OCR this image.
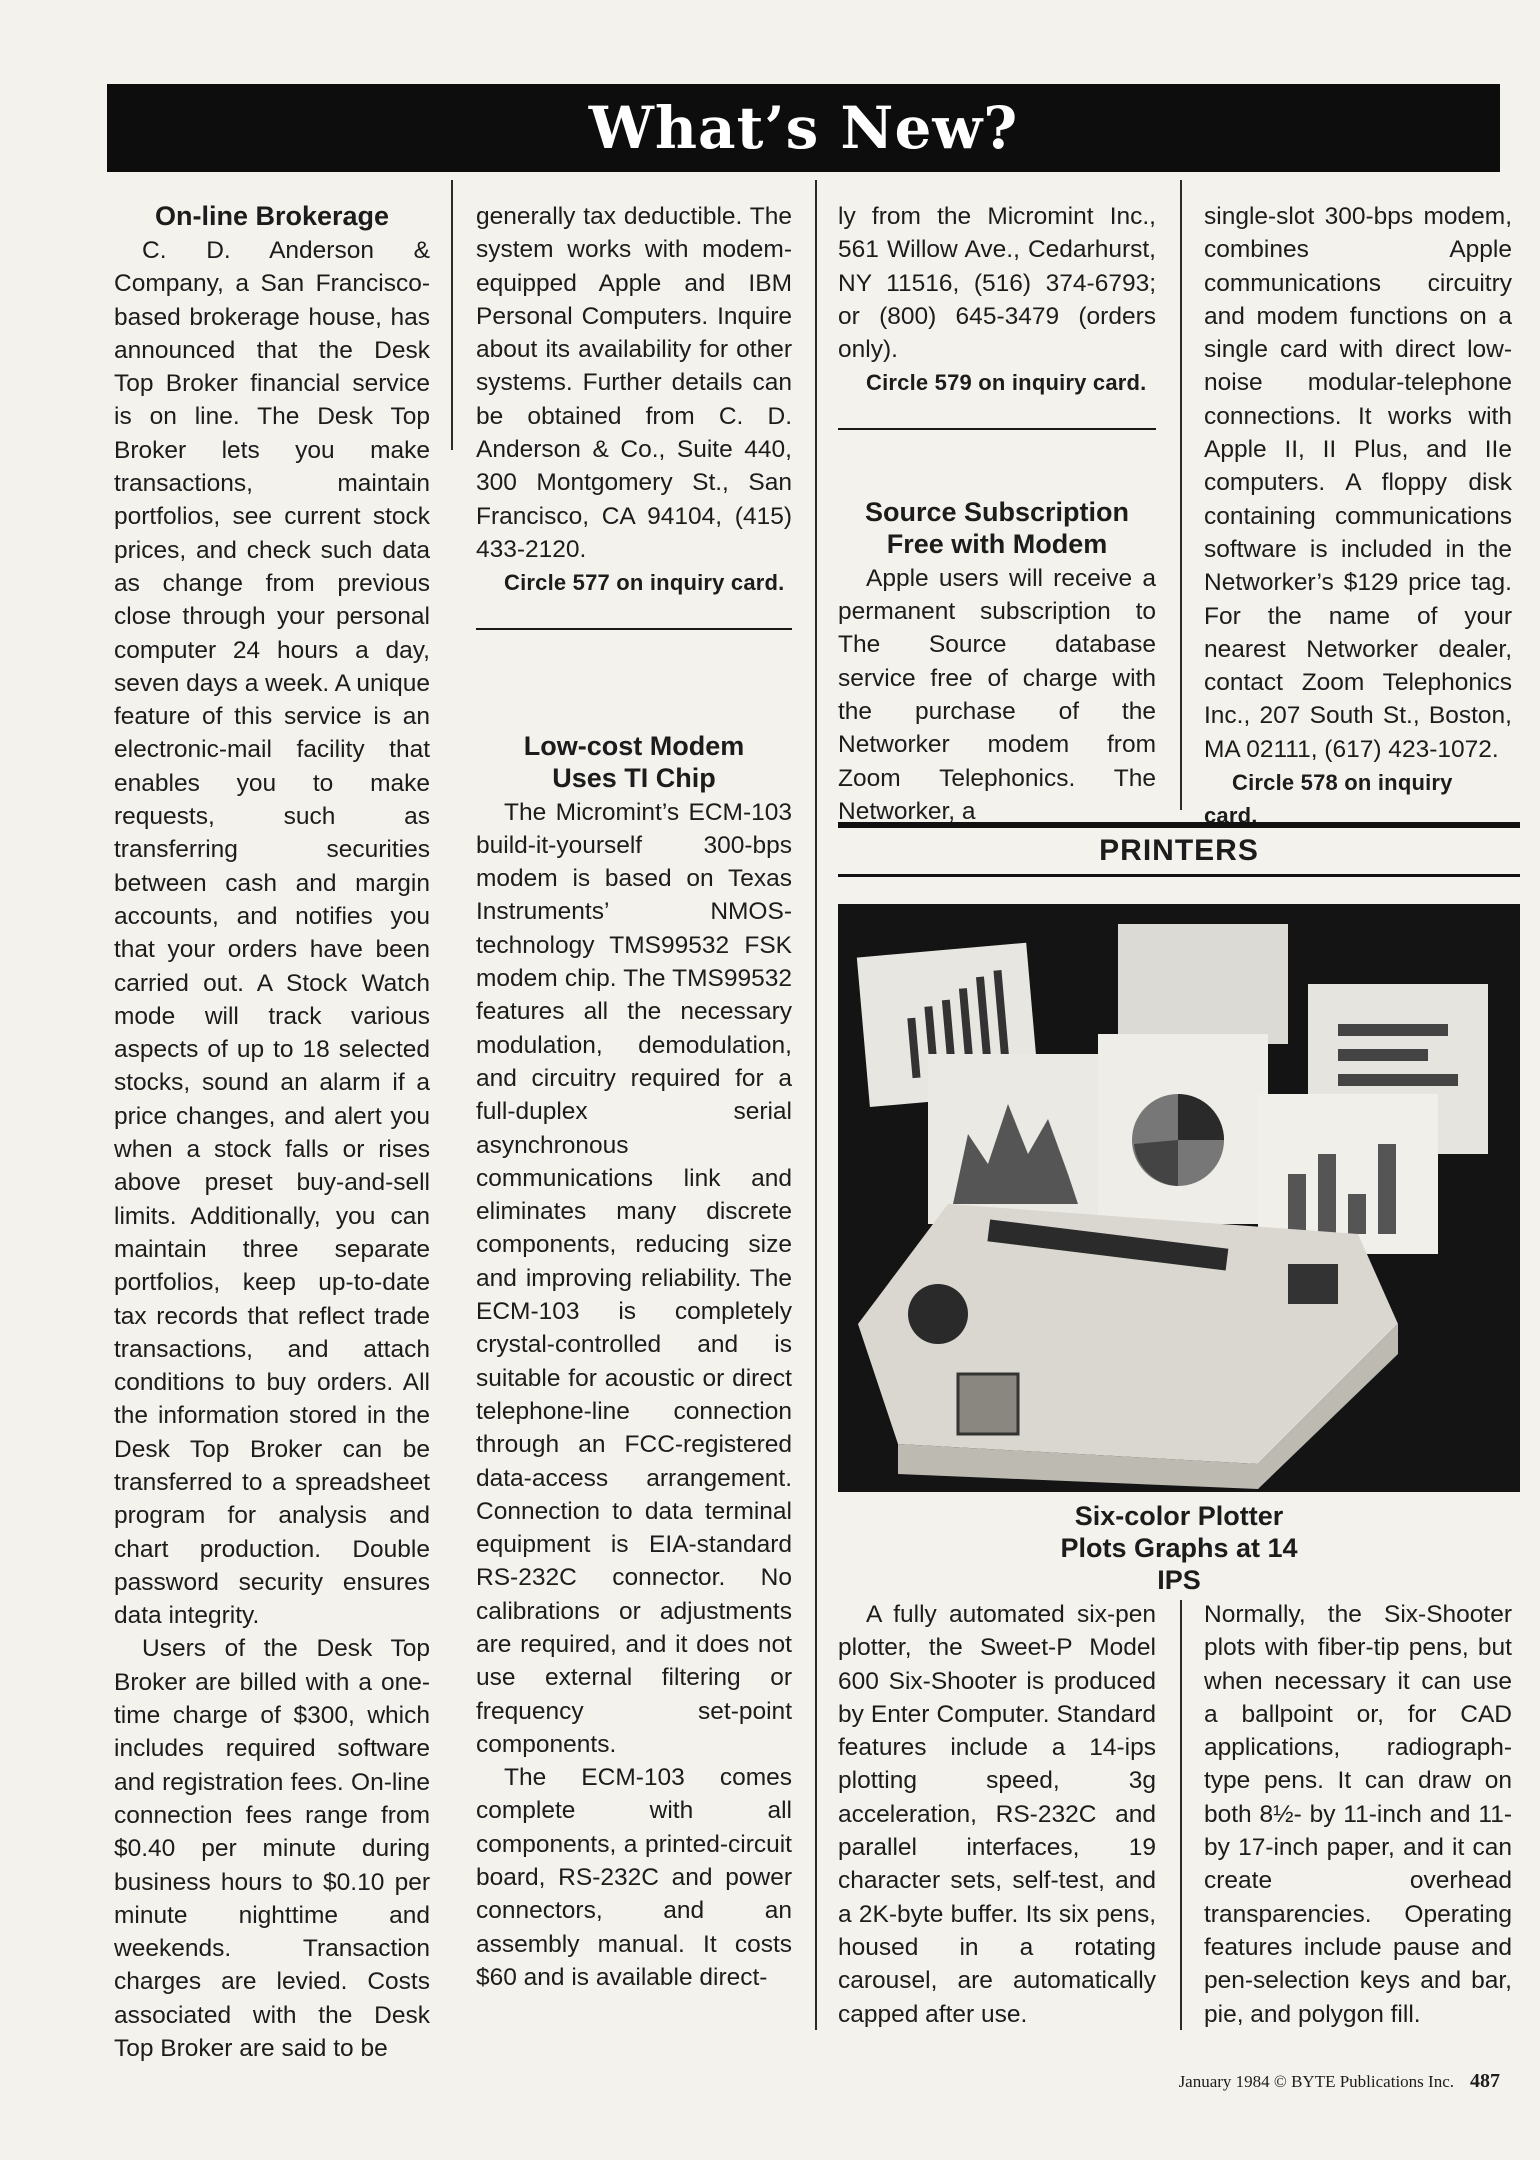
What’s New?
On-line Brokerage

C. D. Anderson & Company, a San Francisco-based brokerage house, has announced that the Desk Top Broker financial service is on line. The Desk Top Broker lets you make transactions, maintain portfolios, see current stock prices, and check such data as change from previous close through your personal computer 24 hours a day, seven days a week. A unique feature of this service is an electronic-mail facility that enables you to make requests, such as transferring securities between cash and margin accounts, and notifies you that your orders have been carried out. A Stock Watch mode will track various aspects of up to 18 selected stocks, sound an alarm if a price changes, and alert you when a stock falls or rises above preset buy-and-sell limits. Additionally, you can maintain three separate portfolios, keep up-to-date tax records that reflect trade transactions, and attach conditions to buy orders. All the information stored in the Desk Top Broker can be transferred to a spreadsheet program for analysis and chart production. Double password security ensures data integrity.

Users of the Desk Top Broker are billed with a one-time charge of $300, which includes required software and registration fees. On-line connection fees range from $0.40 per minute during business hours to $0.10 per minute nighttime and weekends. Transaction charges are levied. Costs associated with the Desk Top Broker are said to be

generally tax deductible. The system works with modem-equipped Apple and IBM Personal Computers. Inquire about its availability for other systems. Further details can be obtained from C. D. Anderson & Co., Suite 440, 300 Montgomery St., San Francisco, CA 94104, (415) 433-2120.

Circle 577 on inquiry card.

Low-cost Modem
Uses TI Chip

The Micromint’s ECM-103 build-it-yourself 300-bps modem is based on Texas Instruments’ NMOS-technology TMS99532 FSK modem chip. The TMS99532 features all the necessary modulation, demodulation, and circuitry required for a full-duplex serial asynchronous communications link and eliminates many discrete components, reducing size and improving reliability. The ECM-103 is completely crystal-controlled and is suitable for acoustic or direct telephone-line connection through an FCC-registered data-access arrangement. Connection to data terminal equipment is EIA-standard RS-232C connector. No calibrations or adjustments are required, and it does not use external filtering or frequency set-point components.

The ECM-103 comes complete with all components, a printed-circuit board, RS-232C and power connectors, and an assembly manual. It costs $60 and is available direct-

ly from the Micromint Inc., 561 Willow Ave., Cedarhurst, NY 11516, (516) 374-6793; or (800) 645-3479 (orders only).

Circle 579 on inquiry card.

Source Subscription
Free with Modem

Apple users will receive a permanent subscription to The Source database service free of charge with the purchase of the Networker modem from Zoom Telephonics. The Networker, a

single-slot 300-bps modem, combines Apple communications circuitry and modem functions on a single card with direct low-noise modular-telephone connections. It works with Apple II, II Plus, and IIe computers. A floppy disk containing communications software is included in the Networker’s $129 price tag. For the name of your nearest Networker dealer, contact Zoom Telephonics Inc., 207 South St., Boston, MA 02111, (617) 423-1072.

Circle 578 on inquiry card.

PRINTERS
Six-color Plotter
Plots Graphs at 14
IPS

A fully automated six-pen plotter, the Sweet-P Model 600 Six-Shooter is produced by Enter Computer. Standard features include a 14-ips plotting speed, 3g acceleration, RS-232C and parallel interfaces, 19 character sets, self-test, and a 2K-byte buffer. Its six pens, housed in a rotating carousel, are automatically capped after use.

Normally, the Six-Shooter plots with fiber-tip pens, but when necessary it can use a ballpoint or, for CAD applications, radiograph-type pens. It can draw on both 8½- by 11-inch and 11- by 17-inch paper, and it can create overhead transparencies. Operating features include pause and pen-selection keys and bar, pie, and polygon fill.

January 1984 © BYTE Publications Inc. 487
